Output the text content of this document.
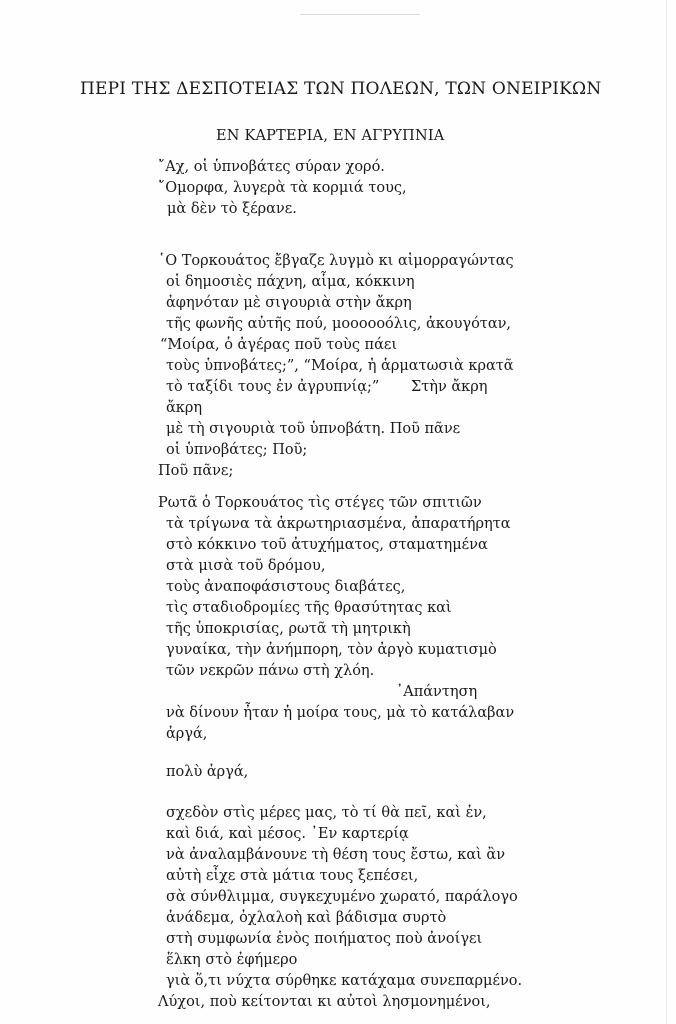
ΠΕΡΙ ΤΗΣ ΔΕΣΠΟΤΕΙΑΣ ΤΩΝ ΠΟΛΕΩΝ, ΤΩΝ ΟΝΕΙΡΙΚΩΝ
ΕΝ ΚΑΡΤΕΡΙΑ, ΕΝ ΑΓΡΥΠΝΙΑ
῎Αχ, οἱ ὑπνοβάτες σύραν χορό.
῎Ομορφα, λυγερὰ τὰ κορμιά τους,
μὰ δὲν τὸ ξέρανε.
῾Ο Τορκουάτος ἔβγαζε λυγμὸ κι αἱμορραγώντας
οἱ δημοσιὲς πάχνη, αἷμα, κόκκινη
ἀφηνόταν μὲ σιγουριὰ στὴν ἄκρη
τῆς φωνῆς αὐτῆς πού, μοοοοοόλις, ἀκουγόταν,
“Μοίρα, ὁ ἀγέρας ποῦ τοὺς πάει
τοὺς ὑπνοβάτες;”, “Μοίρα, ἡ ἁρματωσιὰ κρατᾶ
τὸ ταξίδι τους ἐν ἀγρυπνίᾳ;” Στὴν ἄκρη
ἄκρη
μὲ τὴ σιγουριὰ τοῦ ὑπνοβάτη. Ποῦ πᾶνε
οἱ ὑπνοβάτες; Ποῦ;
Ποῦ πᾶνε;
Ρωτᾶ ὁ Τορκουάτος τὶς στέγες τῶν σπιτιῶν
τὰ τρίγωνα τὰ ἀκρωτηριασμένα, ἀπαρατήρητα
στὸ κόκκινο τοῦ ἀτυχήματος, σταματημένα
στὰ μισὰ τοῦ δρόμου,
τοὺς ἀναποφάσιστους διαβάτες,
τὶς σταδιοδρομίες τῆς θρασύτητας καὶ
τῆς ὑποκρισίας, ρωτᾶ τὴ μητρικὴ
γυναίκα, τὴν ἀνήμπορη, τὸν ἀργὸ κυματισμὸ
τῶν νεκρῶν πάνω στὴ χλόη.
᾿Απάντηση
νὰ δίνουν ἦταν ἡ μοίρα τους, μὰ τὸ κατάλαβαν
ἀργά,
πολὺ ἀργά,
σχεδὸν στὶς μέρες μας, τὸ τί θὰ πεῖ, καὶ ἐν,
καὶ διά, καὶ μέσος. ᾿Εν καρτερίᾳ
νὰ ἀναλαμβάνουνε τὴ θέση τους ἔστω, καὶ ἂν
αὐτὴ εἶχε στὰ μάτια τους ξεπέσει,
σὰ σύνθλιμμα, συγκεχυμένο χωρατό, παράλογο
ἀνάδεμα, ὀχλαλοὴ καὶ βάδισμα συρτὸ
στὴ συμφωνία ἑνὸς ποιήματος ποὺ ἀνοίγει
ἕλκη στὸ ἐφήμερο
γιὰ ὅ,τι νύχτα σύρθηκε κατάχαμα συνεπαρμένο.
Λύχοι, ποὺ κείτονται κι αὐτοὶ λησμονημένοι,
